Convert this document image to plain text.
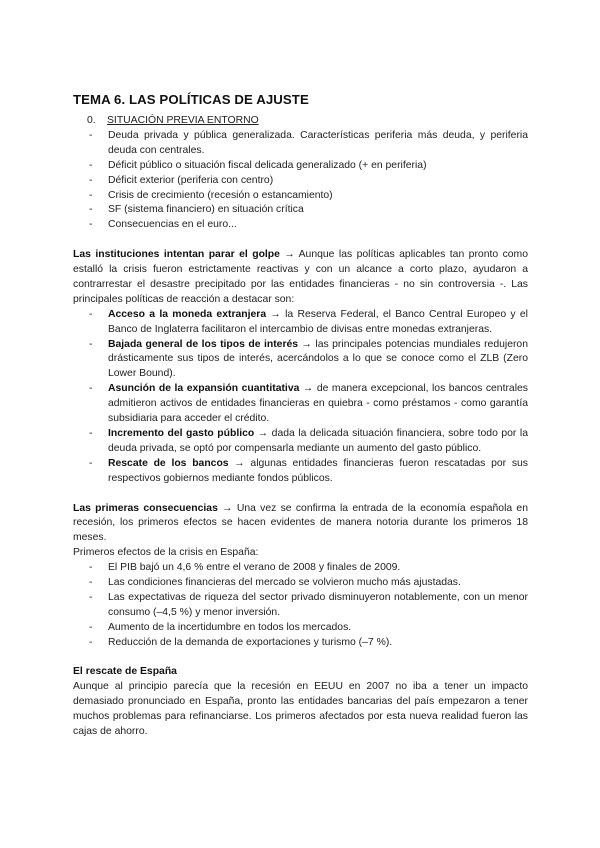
TEMA 6. LAS POLÍTICAS DE AJUSTE
0.	SITUACIÓN PREVIA ENTORNO
-	Deuda privada y pública generalizada. Características periferia más deuda, y periferia deuda con centrales.
-	Déficit público o situación fiscal delicada generalizado (+ en periferia)
-	Déficit exterior (periferia con centro)
-	Crisis de crecimiento (recesión o estancamiento)
-	SF (sistema financiero) en situación crítica
-	Consecuencias en el euro...

Las instituciones intentan parar el golpe → Aunque las políticas aplicables tan pronto como estalló la crisis fueron estrictamente reactivas y con un alcance a corto plazo, ayudaron a contrarrestar el desastre precipitado por las entidades financieras - no sin controversia -. Las principales políticas de reacción a destacar son:

-	Acceso a la moneda extranjera → la Reserva Federal, el Banco Central Europeo y el Banco de Inglaterra facilitaron el intercambio de divisas entre monedas extranjeras.
-	Bajada general de los tipos de interés → las principales potencias mundiales redujeron drásticamente sus tipos de interés, acercándolos a lo que se conoce como el ZLB (Zero Lower Bound).
-	Asunción de la expansión cuantitativa → de manera excepcional, los bancos centrales admitieron activos de entidades financieras en quiebra - como préstamos - como garantía subsidiaria para acceder el crédito.
-	Incremento del gasto público → dada la delicada situación financiera, sobre todo por la deuda privada, se optó por compensarla mediante un aumento del gasto público.
-	Rescate de los bancos → algunas entidades financieras fueron rescatadas por sus respectivos gobiernos mediante fondos públicos.

Las primeras consecuencias → Una vez se confirma la entrada de la economía española en recesión, los primeros efectos se hacen evidentes de manera notoria durante los primeros 18 meses.

Primeros efectos de la crisis en España:

-	El PIB bajó un 4,6 % entre el verano de 2008 y finales de 2009.
-	Las condiciones financieras del mercado se volvieron mucho más ajustadas.
-	Las expectativas de riqueza del sector privado disminuyeron notablemente, con un menor consumo (–4,5 %) y menor inversión.
-	Aumento de la incertidumbre en todos los mercados.
-	Reducción de la demanda de exportaciones y turismo (–7 %).

El rescate de España

Aunque al principio parecía que la recesión en EEUU en 2007 no iba a tener un impacto demasiado pronunciado en España, pronto las entidades bancarias del país empezaron a tener muchos problemas para refinanciarse. Los primeros afectados por esta nueva realidad fueron las cajas de ahorro.
